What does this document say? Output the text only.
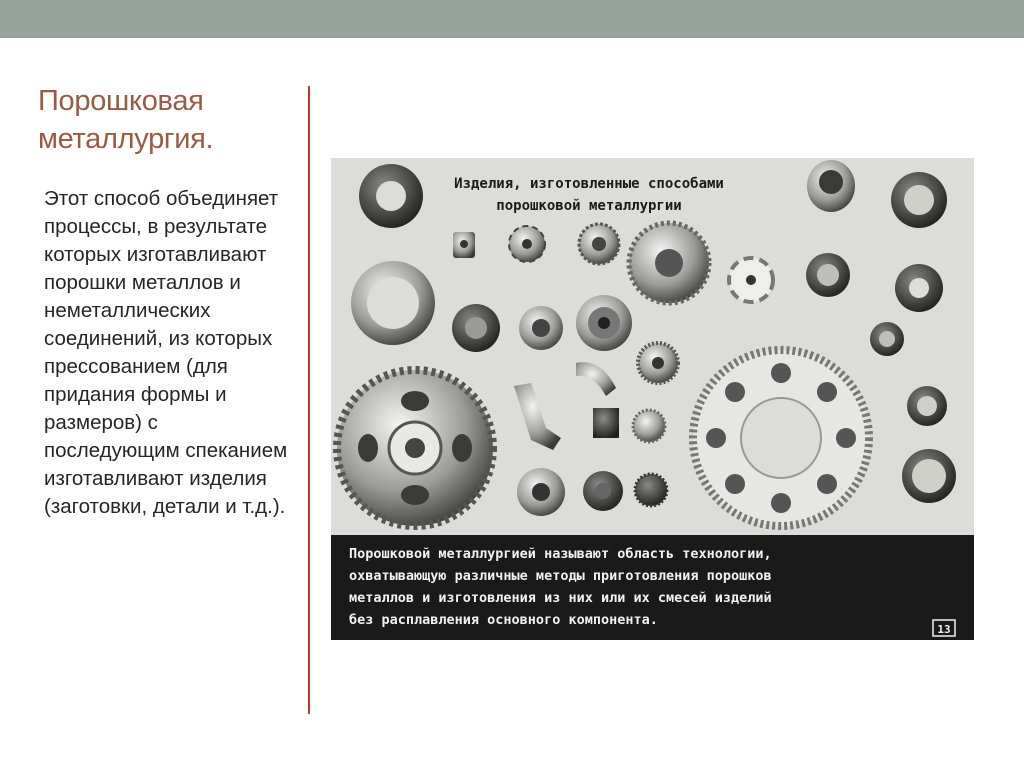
Порошковая металлургия.
Этот способ объединяет процессы, в результате которых изготавливают порошки металлов и неметаллических соединений, из которых прессованием (для придания формы и размеров) с последующим спеканием изготавливают изделия (заготовки, детали и т.д.).
Изделия, изготовленные способами
порошковой металлургии
Порошковой металлургией называют область технологии,
охватывающую различные методы приготовления порошков
металлов и изготовления из них или их смесей изделий
без расплавления основного компонента.
13
